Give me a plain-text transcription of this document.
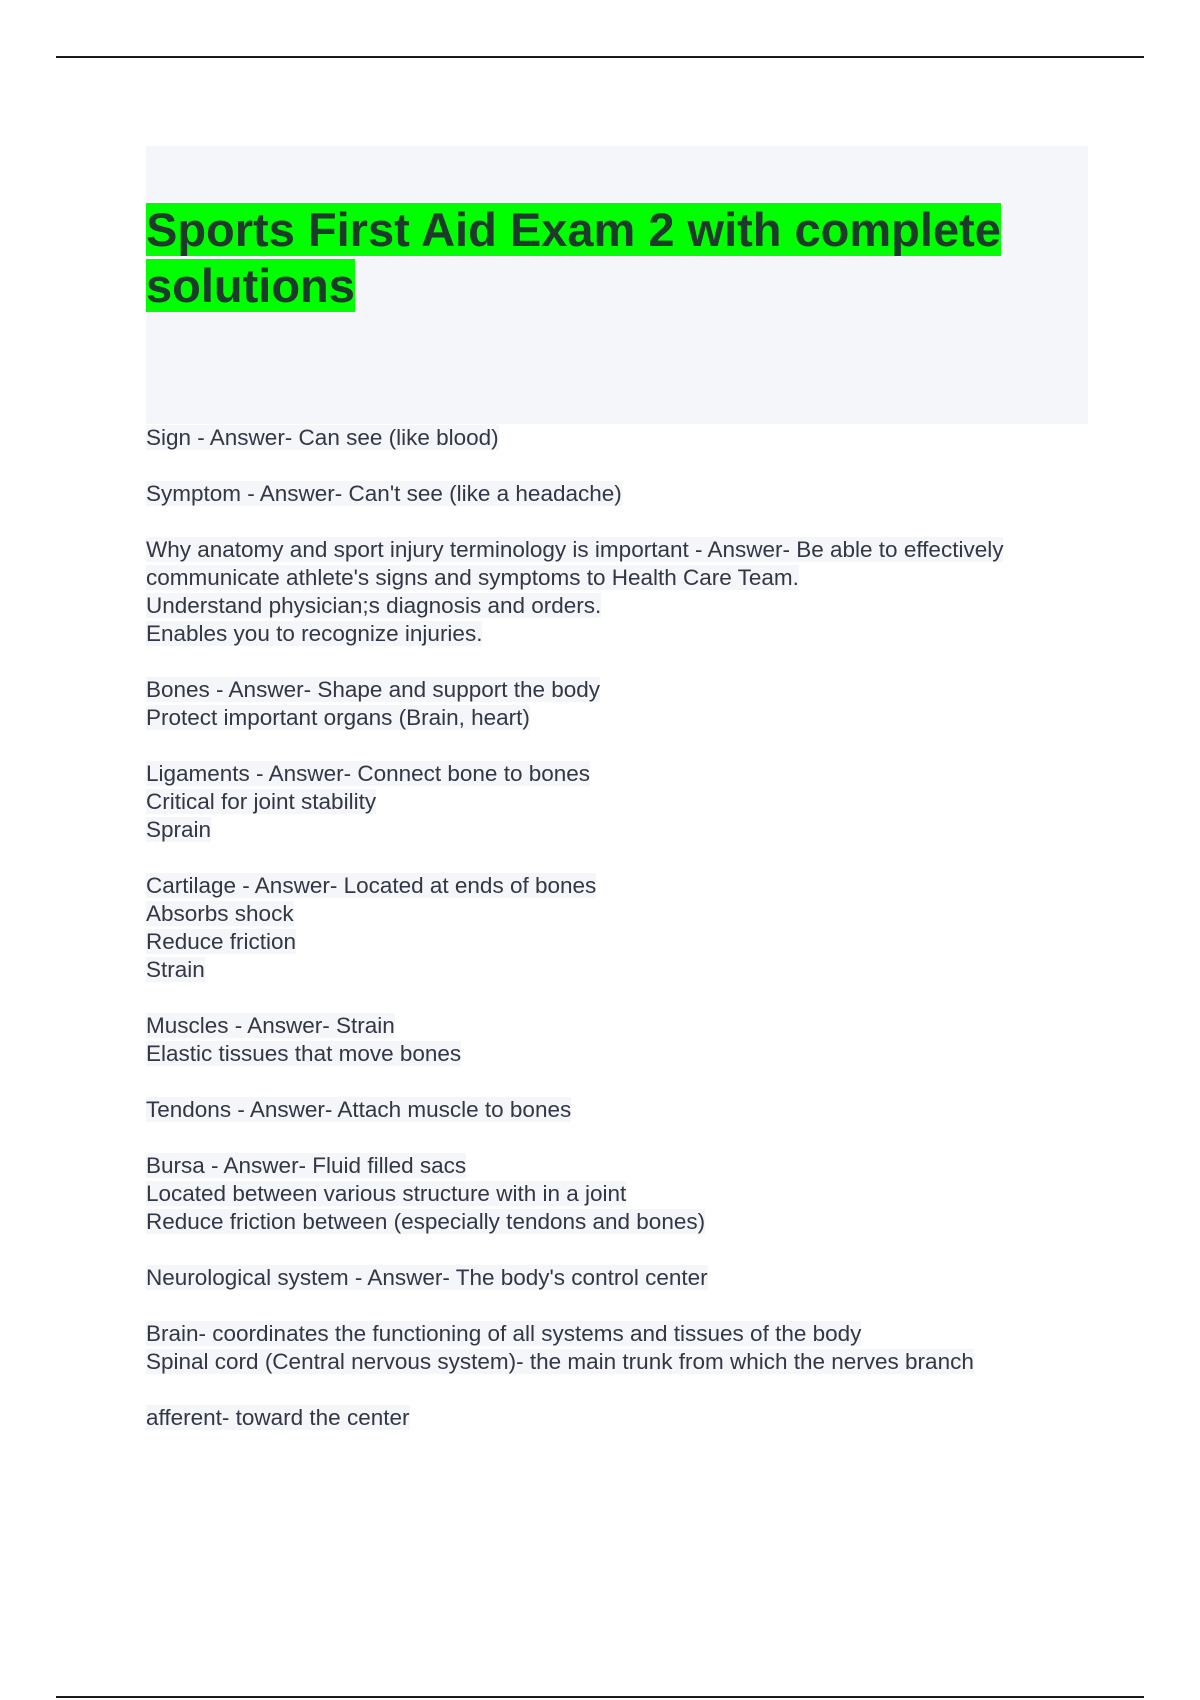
Sports First Aid Exam 2 with complete
solutions
Sign - Answer- Can see (like blood)
Symptom - Answer- Can't see (like a headache)
Why anatomy and sport injury terminology is important - Answer- Be able to effectively
communicate athlete's signs and symptoms to Health Care Team.
Understand physician;s diagnosis and orders.
Enables you to recognize injuries.
Bones - Answer- Shape and support the body
Protect important organs (Brain, heart)
Ligaments - Answer- Connect bone to bones
Critical for joint stability
Sprain
Cartilage - Answer- Located at ends of bones
Absorbs shock
Reduce friction
Strain
Muscles - Answer- Strain
Elastic tissues that move bones
Tendons - Answer- Attach muscle to bones
Bursa - Answer- Fluid filled sacs
Located between various structure with in a joint
Reduce friction between (especially tendons and bones)
Neurological system - Answer- The body's control center
Brain- coordinates the functioning of all systems and tissues of the body
Spinal cord (Central nervous system)- the main trunk from which the nerves branch
afferent- toward the center
